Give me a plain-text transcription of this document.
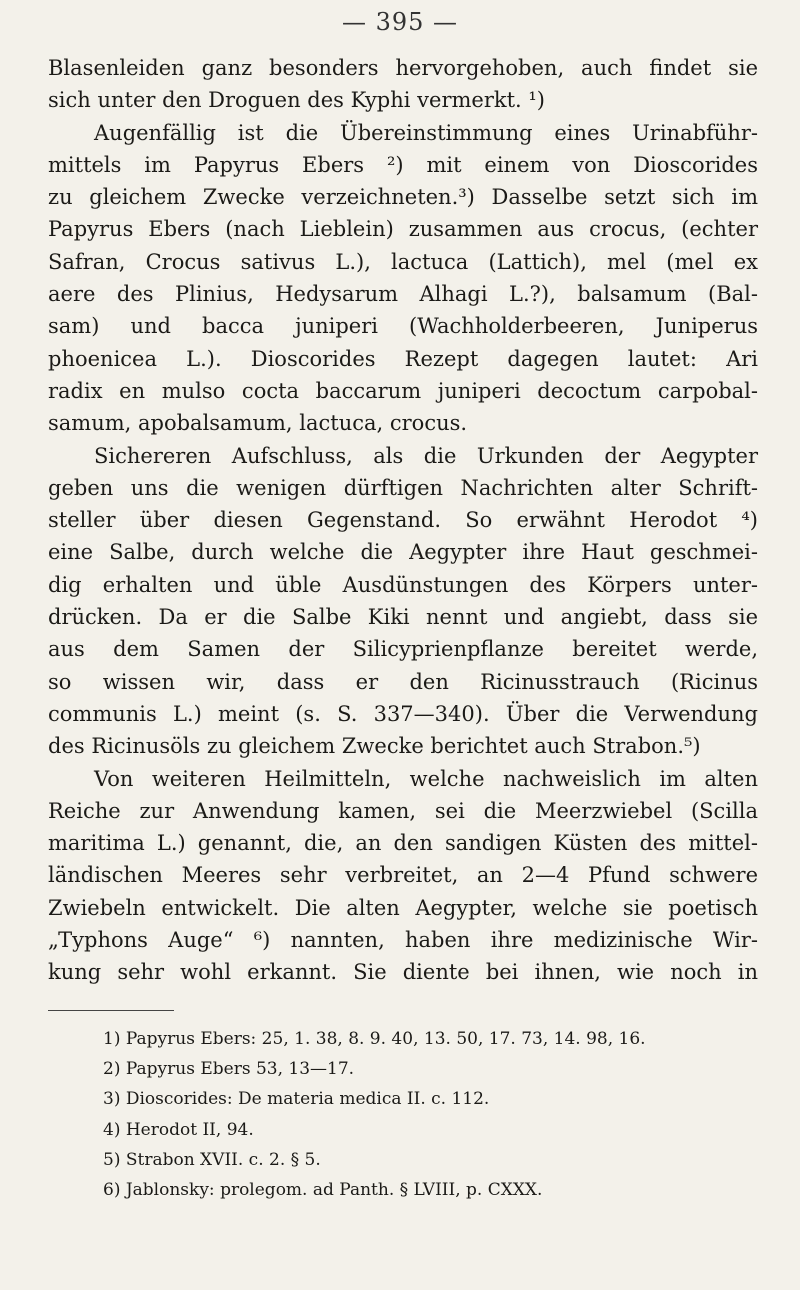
— 395 —
Blasenleiden ganz besonders hervorgehoben, auch findet sie
sich unter den Droguen des Kyphi vermerkt. ¹)
Augenfällig ist die Übereinstimmung eines Urinabführ-
mittels im Papyrus Ebers ²) mit einem von Dioscorides
zu gleichem Zwecke verzeichneten.³) Dasselbe setzt sich im
Papyrus Ebers (nach Lieblein) zusammen aus crocus, (echter
Safran, Crocus sativus L.), lactuca (Lattich), mel (mel ex
aere des Plinius, Hedysarum Alhagi L.?), balsamum (Bal-
sam) und bacca juniperi (Wachholderbeeren, Juniperus
phoenicea L.). Dioscorides Rezept dagegen lautet: Ari
radix en mulso cocta baccarum juniperi decoctum carpobal-
samum, apobalsamum, lactuca, crocus.
Sichereren Aufschluss, als die Urkunden der Aegypter
geben uns die wenigen dürftigen Nachrichten alter Schrift-
steller über diesen Gegenstand. So erwähnt Herodot ⁴)
eine Salbe, durch welche die Aegypter ihre Haut geschmei-
dig erhalten und üble Ausdünstungen des Körpers unter-
drücken. Da er die Salbe Kiki nennt und angiebt, dass sie
aus dem Samen der Silicyprienpflanze bereitet werde,
so wissen wir, dass er den Ricinusstrauch (Ricinus
communis L.) meint (s. S. 337—340). Über die Verwendung
des Ricinusöls zu gleichem Zwecke berichtet auch Strabon.⁵)
Von weiteren Heilmitteln, welche nachweislich im alten
Reiche zur Anwendung kamen, sei die Meerzwiebel (Scilla
maritima L.) genannt, die, an den sandigen Küsten des mittel-
ländischen Meeres sehr verbreitet, an 2—4 Pfund schwere
Zwiebeln entwickelt. Die alten Aegypter, welche sie poetisch
„Typhons Auge“ ⁶) nannten, haben ihre medizinische Wir-
kung sehr wohl erkannt. Sie diente bei ihnen, wie noch in
1) Papyrus Ebers: 25, 1. 38, 8. 9. 40, 13. 50, 17. 73, 14. 98, 16.
2) Papyrus Ebers 53, 13—17.
3) Dioscorides: De materia medica II. c. 112.
4) Herodot II, 94.
5) Strabon XVII. c. 2. § 5.
6) Jablonsky: prolegom. ad Panth. § LVIII, p. CXXX.
